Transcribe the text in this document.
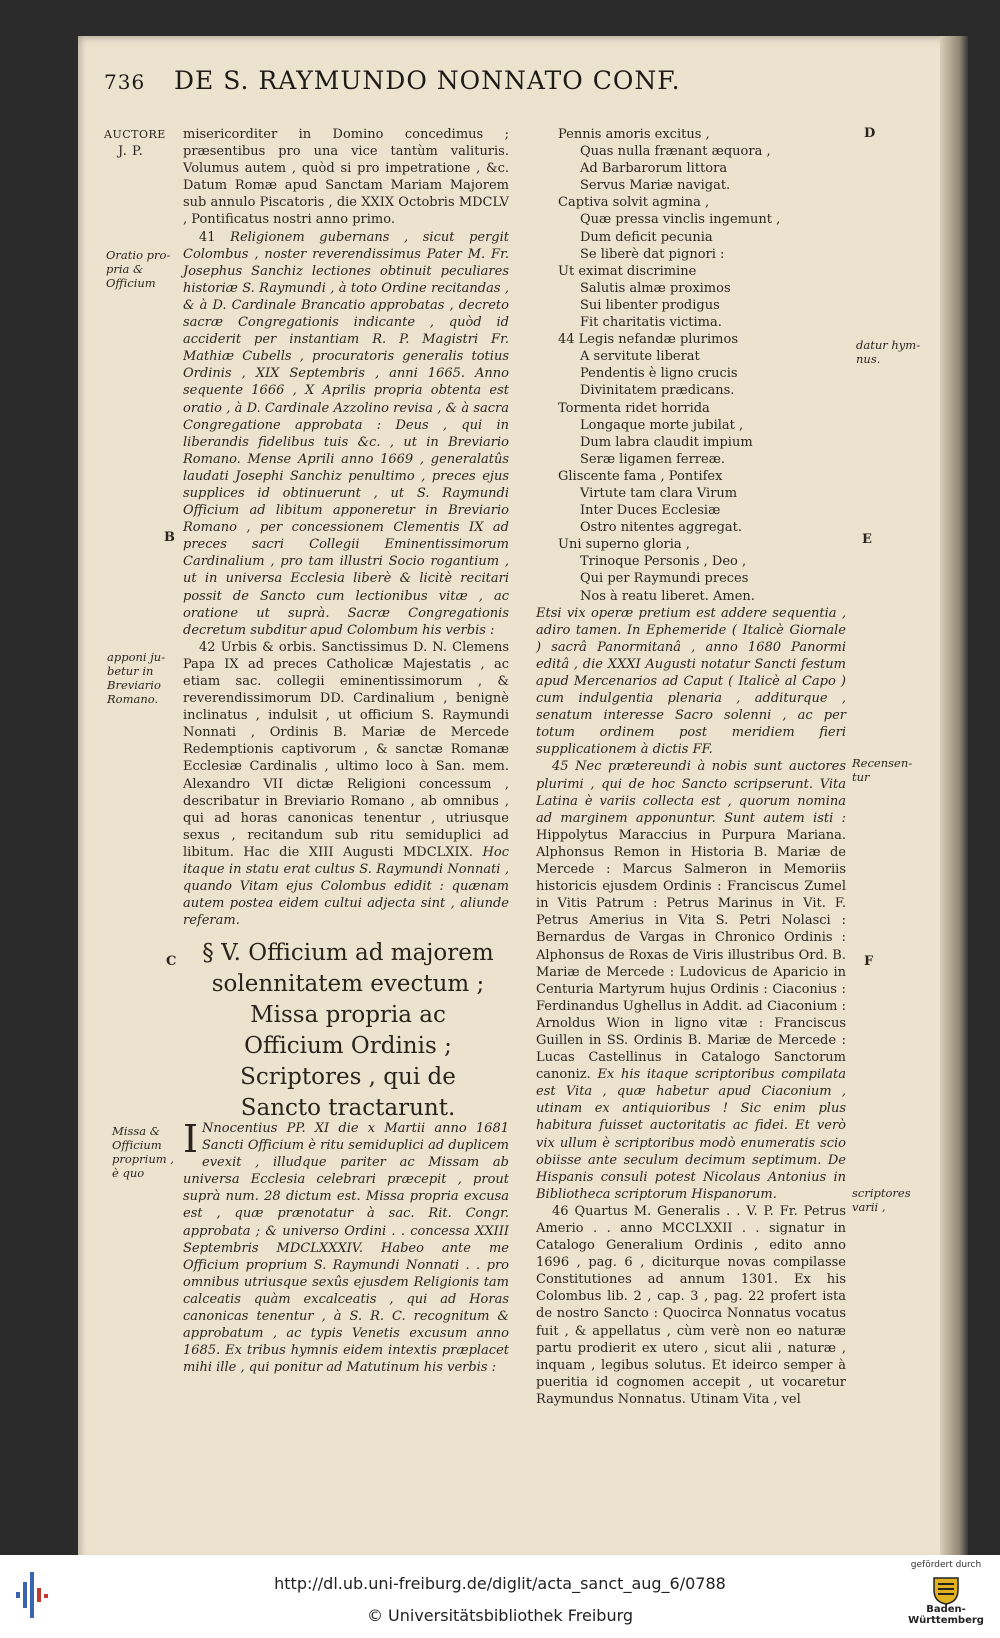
736 DE S. RAYMUNDO NONNATO CONF.
AUCTORE
J. P.
Oratio pro-
pria &
Officium
apponi ju-
betur in
Breviario
Romano.
Missa &
Officium
proprium ,
è quo
datur hym-
nus.
Recensen-
tur
scriptores
varii ,
D
B	E
C	F

misericorditer in Domino concedimus ; præsentibus pro una vice tantùm valituris. Volumus autem , quòd si pro impetratione , &c. Datum Romæ apud Sanctam Mariam Majorem sub annulo Piscatoris , die XXIX Octobris MDCLV , Pontificatus nostri anno primo.

41 Religionem gubernans , sicut pergit Colombus , noster reverendissimus Pater M. Fr. Josephus Sanchiz lectiones obtinuit peculiares historiæ S. Raymundi , à toto Ordine recitandas , & à D. Cardinale Brancatio approbatas , decreto sacræ Congregationis indicante , quòd id acciderit per instantiam R. P. Magistri Fr. Mathiæ Cubells , procuratoris generalis totius Ordinis , XIX Septembris , anni 1665. Anno sequente 1666 , X Aprilis propria obtenta est oratio , à D. Cardinale Azzolino revisa , & à sacra Congregatione approbata : Deus , qui in liberandis fidelibus tuis &c. , ut in Breviario Romano. Mense Aprili anno 1669 , generalatûs laudati Josephi Sanchiz penultimo , preces ejus supplices id obtinuerunt , ut S. Raymundi Officium ad libitum apponeretur in Breviario Romano , per concessionem Clementis IX ad preces sacri Collegii Eminentissimorum Cardinalium , pro tam illustri Socio rogantium , ut in universa Ecclesia liberè & licitè recitari possit de Sancto cum lectionibus vitæ , ac oratione ut suprà. Sacræ Congregationis decretum subditur apud Colombum his verbis :

42 Urbis & orbis. Sanctissimus D. N. Clemens Papa IX ad preces Catholicæ Majestatis , ac etiam sac. collegii eminentissimorum , & reverendissimorum DD. Cardinalium , benignè inclinatus , indulsit , ut officium S. Raymundi Nonnati , Ordinis B. Mariæ de Mercede Redemptionis captivorum , & sanctæ Romanæ Ecclesiæ Cardinalis , ultimo loco à San. mem. Alexandro VII dictæ Religioni concessum , describatur in Breviario Romano , ab omnibus , qui ad horas canonicas tenentur , utriusque sexus , recitandum sub ritu semiduplici ad libitum. Hac die XIII Augusti MDCLXIX. Hoc itaque in statu erat cultus S. Raymundi Nonnati , quando Vitam ejus Colombus edidit : quænam autem postea eidem cultui adjecta sint , aliunde referam.

§ V. Officium ad majorem solennitatem evectum ; Missa propria ac Officium Ordinis ; Scriptores , qui de Sancto tractarunt.

I Nnocentius PP. XI die x Martii anno 1681 Sancti Officium è ritu semiduplici ad duplicem evexit , illudque pariter ac Missam ab universa Ecclesia celebrari præcepit , prout suprà num. 28 dictum est. Missa propria excusa est , quæ prænotatur à sac. Rit. Congr. approbata ; & universo Ordini . . concessa XXIII Septembris MDCLXXXIV. Habeo ante me Officium proprium S. Raymundi Nonnati . . pro omnibus utriusque sexûs ejusdem Religionis tam calceatis quàm excalceatis , qui ad Horas canonicas tenentur , à S. R. C. recognitum & approbatum , ac typis Venetis excusum anno 1685. Ex tribus hymnis eidem intextis præplacet mihi ille , qui ponitur ad Matutinum his verbis :

Pennis amoris excitus ,
Quas nulla frænant æquora ,
Ad Barbarorum littora
Servus Mariæ navigat.
Captiva solvit agmina ,
Quæ pressa vinclis ingemunt ,
Dum deficit pecunia
Se liberè dat pignori :
Ut eximat discrimine
Salutis almæ proximos
Sui libenter prodigus
Fit charitatis victima.
44 Legis nefandæ plurimos
A servitute liberat
Pendentis è ligno crucis
Divinitatem prædicans.
Tormenta ridet horrida
Longaque morte jubilat ,
Dum labra claudit impium
Seræ ligamen ferreæ.
Gliscente fama , Pontifex
Virtute tam clara Virum
Inter Duces Ecclesiæ
Ostro nitentes aggregat.
Uni superno gloria ,
Trinoque Personis , Deo ,
Qui per Raymundi preces
Nos à reatu liberet. Amen.

Etsi vix operæ pretium est addere sequentia , adiro tamen. In Ephemeride ( Italicè Giornale ) sacrâ Panormitanâ , anno 1680 Panormi editâ , die XXXI Augusti notatur Sancti festum apud Mercenarios ad Caput ( Italicè al Capo ) cum indulgentia plenaria , additurque , senatum interesse Sacro solenni , ac per totum ordinem post meridiem fieri supplicationem à dictis FF.

45 Nec prætereundi à nobis sunt auctores plurimi , qui de hoc Sancto scripserunt. Vita Latina è variis collecta est , quorum nomina ad marginem apponuntur. Sunt autem isti : Hippolytus Maraccius in Purpura Mariana. Alphonsus Remon in Historia B. Mariæ de Mercede : Marcus Salmeron in Memoriis historicis ejusdem Ordinis : Franciscus Zumel in Vitis Patrum : Petrus Marinus in Vit. F. Petrus Amerius in Vita S. Petri Nolasci : Bernardus de Vargas in Chronico Ordinis : Alphonsus de Roxas de Viris illustribus Ord. B. Mariæ de Mercede : Ludovicus de Aparicio in Centuria Martyrum hujus Ordinis : Ciaconius : Ferdinandus Ughellus in Addit. ad Ciaconium : Arnoldus Wion in ligno vitæ : Franciscus Guillen in SS. Ordinis B. Mariæ de Mercede : Lucas Castellinus in Catalogo Sanctorum canoniz. Ex his itaque scriptoribus compilata est Vita , quæ habetur apud Ciaconium , utinam ex antiquioribus ! Sic enim plus habitura fuisset auctoritatis ac fidei. Et verò vix ullum è scriptoribus modò enumeratis scio obiisse ante seculum decimum septimum. De Hispanis consuli potest Nicolaus Antonius in Bibliotheca scriptorum Hispanorum.

46 Quartus M. Generalis . . V. P. Fr. Petrus Amerio . . anno MCCLXXII . . signatur in Catalogo Generalium Ordinis , edito anno 1696 , pag. 6 , diciturque novas compilasse Constitutiones ad annum 1301. Ex his Colombus lib. 2 , cap. 3 , pag. 22 profert ista de nostro Sancto : Quocirca Nonnatus vocatus fuit , & appellatus , cùm verè non eo naturæ partu prodierit ex utero , sicut alii , naturæ , inquam , legibus solutus. Et ideirco semper à pueritia id cognomen accepit , ut vocaretur Raymundus Nonnatus. Utinam Vita , vel

http://dl.ub.uni-freiburg.de/diglit/acta_sanct_aug_6/0788
© Universitätsbibliothek Freiburg
gefördert durch
Baden-Württemberg
